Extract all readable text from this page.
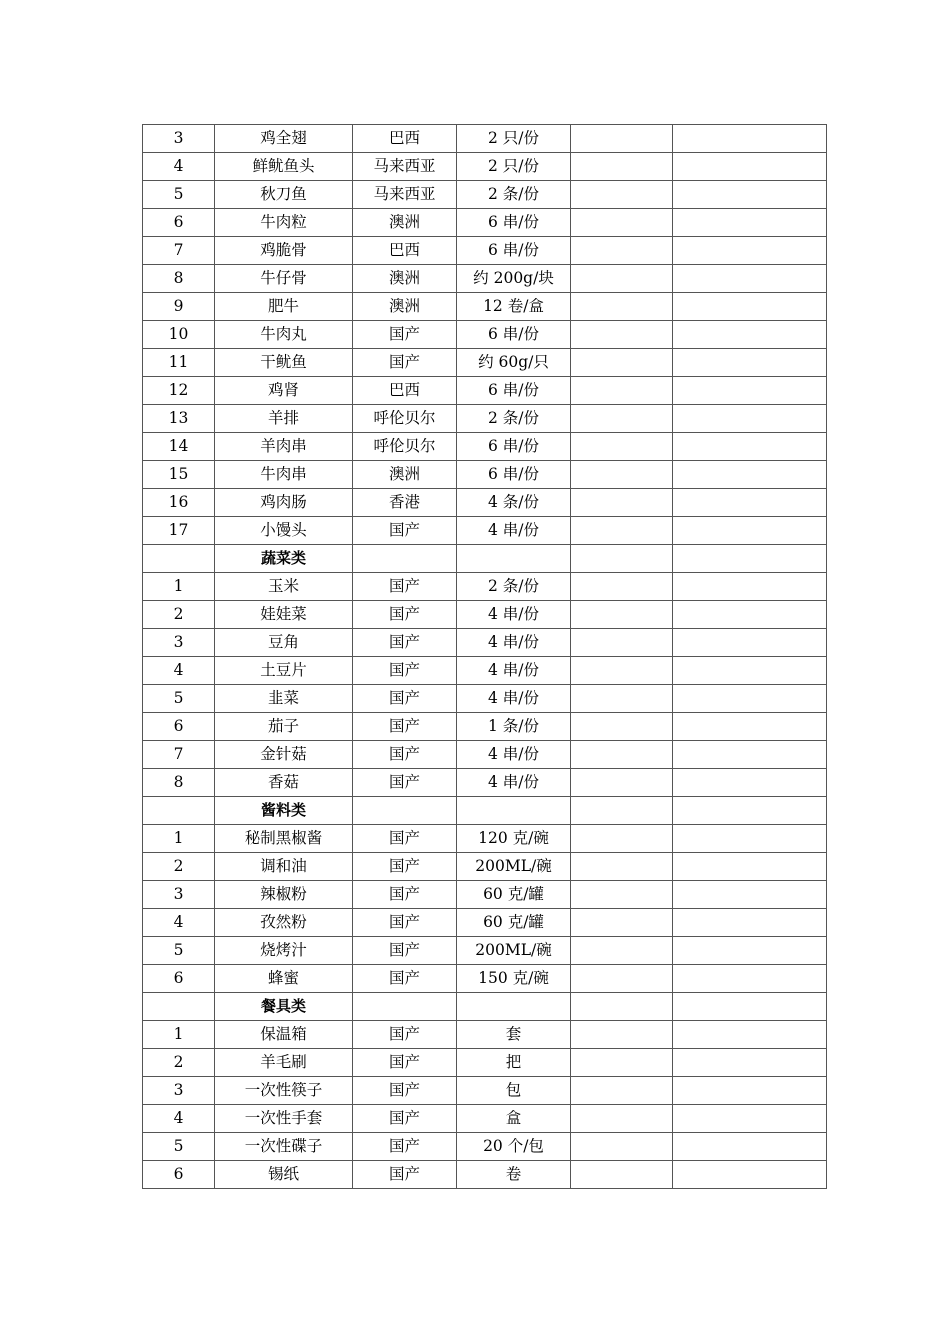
3	鸡全翅	巴西	2 只/份		
4	鲜鱿鱼头	马来西亚	2 只/份		
5	秋刀鱼	马来西亚	2 条/份		
6	牛肉粒	澳洲	6 串/份		
7	鸡脆骨	巴西	6 串/份		
8	牛仔骨	澳洲	约 200g/块		
9	肥牛	澳洲	12 卷/盒		
10	牛肉丸	国产	6 串/份		
11	干鱿鱼	国产	约 60g/只		
12	鸡肾	巴西	6 串/份		
13	羊排	呼伦贝尔	2 条/份		
14	羊肉串	呼伦贝尔	6 串/份		
15	牛肉串	澳洲	6 串/份		
16	鸡肉肠	香港	4 条/份		
17	小馒头	国产	4 串/份		
	蔬菜类				
1	玉米	国产	2 条/份		
2	娃娃菜	国产	4 串/份		
3	豆角	国产	4 串/份		
4	土豆片	国产	4 串/份		
5	韭菜	国产	4 串/份		
6	茄子	国产	1 条/份		
7	金针菇	国产	4 串/份		
8	香菇	国产	4 串/份		
	酱料类				
1	秘制黑椒酱	国产	120 克/碗		
2	调和油	国产	200ML/碗		
3	辣椒粉	国产	60 克/罐		
4	孜然粉	国产	60 克/罐		
5	烧烤汁	国产	200ML/碗		
6	蜂蜜	国产	150 克/碗		
	餐具类				
1	保温箱	国产	套		
2	羊毛刷	国产	把		
3	一次性筷子	国产	包		
4	一次性手套	国产	盒		
5	一次性碟子	国产	20 个/包		
6	锡纸	国产	卷		
